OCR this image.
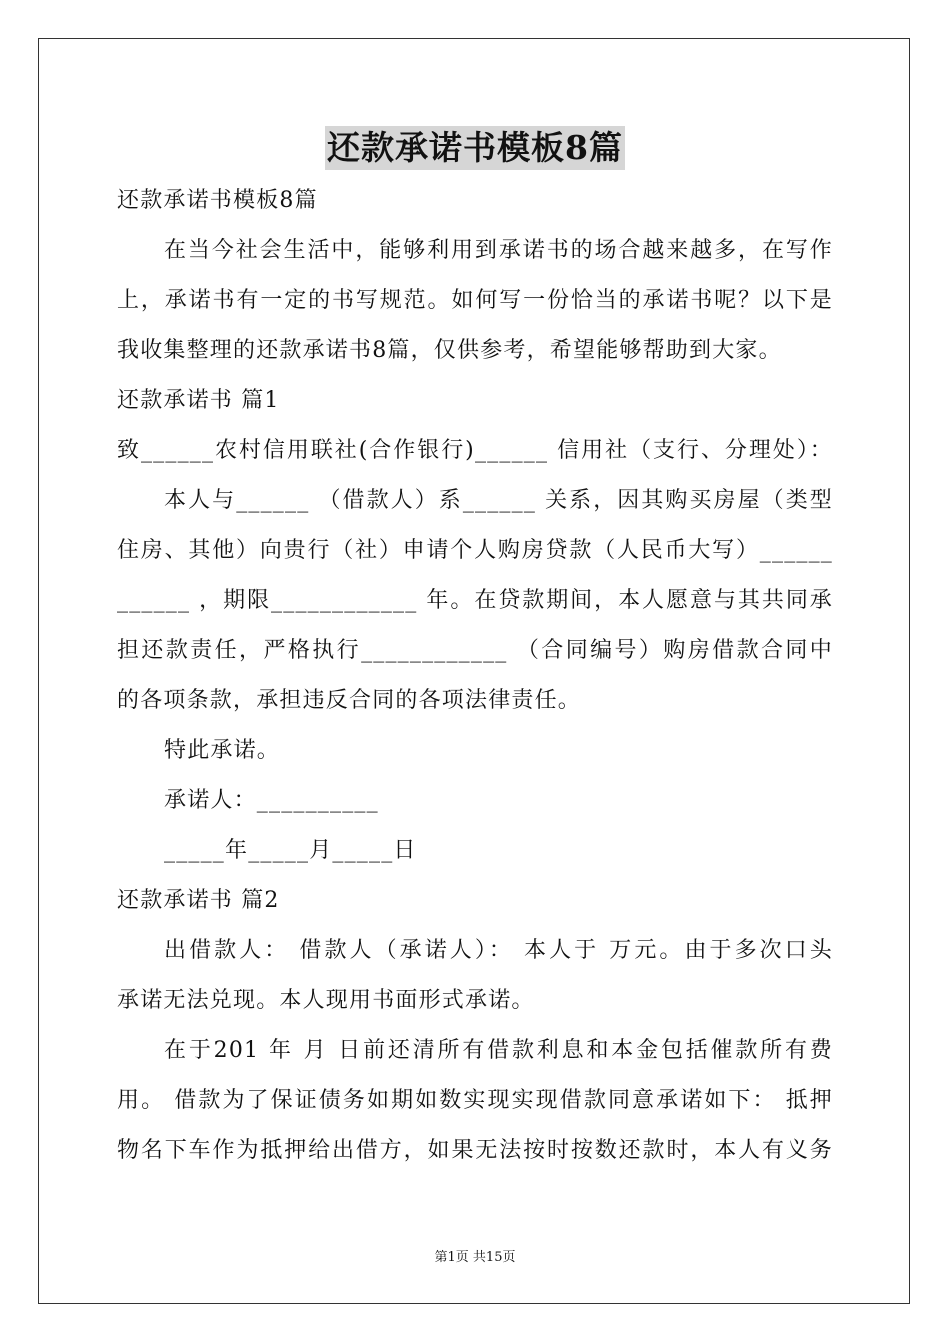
还款承诺书模板8篇
还款承诺书模板8篇
在当今社会生活中，能够利用到承诺书的场合越来越多，在写作
上，承诺书有一定的书写规范。如何写一份恰当的承诺书呢？以下是
我收集整理的还款承诺书8篇，仅供参考，希望能够帮助到大家。
还款承诺书 篇1
致______农村信用联社(合作银行)______ 信用社（支行、分理处）：
本人与______ （借款人）系______ 关系，因其购买房屋（类型
住房、其他）向贵行（社）申请个人购房贷款（人民币大写）______
______ ，期限____________ 年。在贷款期间，本人愿意与其共同承
担还款责任，严格执行____________ （合同编号）购房借款合同中
的各项条款，承担违反合同的各项法律责任。
特此承诺。
承诺人：__________
_____年_____月_____日
还款承诺书 篇2
出借款人： 借款人（承诺人）： 本人于 万元。由于多次口头
承诺无法兑现。本人现用书面形式承诺。
在于201 年 月 日前还清所有借款利息和本金包括催款所有费
用。 借款为了保证债务如期如数实现实现借款同意承诺如下： 抵押
物名下车作为抵押给出借方，如果无法按时按数还款时，本人有义务
第1页 共15页
